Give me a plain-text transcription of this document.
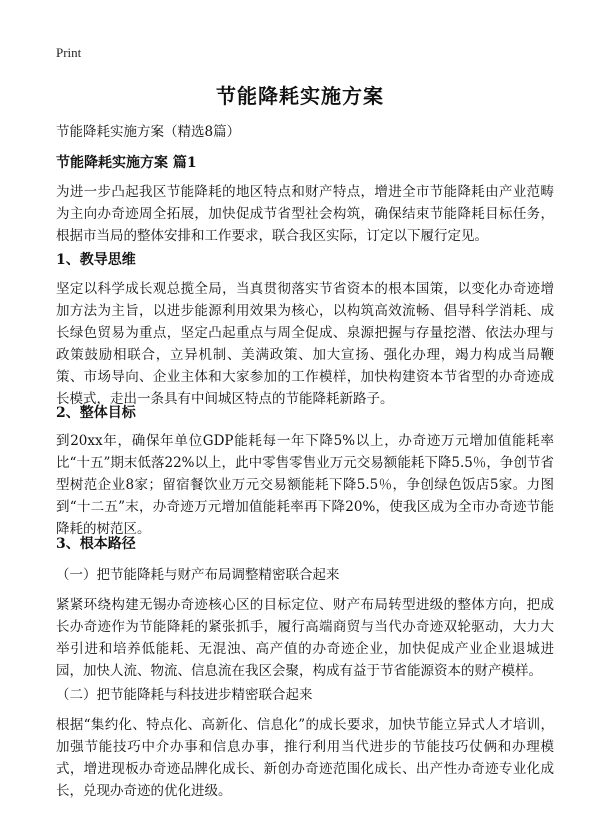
Print
节能降耗实施方案

节能降耗实施方案（精选8篇）

节能降耗实施方案 篇1

为进一步凸起我区节能降耗的地区特点和财产特点，增进全市节能降耗由产业范畴为主向办奇迹周全拓展，加快促成节省型社会构筑，确保结束节能降耗目标任务，根据市当局的整体安排和工作要求，联合我区实际，订定以下履行定见。

1、教导思维

坚定以科学成长观总揽全局，当真贯彻落实节省资本的根本国策，以变化办奇迹增加方法为主旨，以进步能源利用效果为核心，以构筑高效流畅、倡导科学消耗、成长绿色贸易为重点，坚定凸起重点与周全促成、泉源把握与存量挖潜、依法办理与政策鼓励相联合，立异机制、美满政策、加大宣扬、强化办理，竭力构成当局鞭策、市场导向、企业主体和大家参加的工作模样，加快构建资本节省型的办奇迹成长模式，走出一条具有中间城区特点的节能降耗新路子。

2、整体目标

到20xx年，确保年单位GDP能耗每一年下降5%以上，办奇迹万元增加值能耗率比“十五”期末低落22%以上，此中零售零售业万元交易额能耗下降5.5％，争创节省型树范企业8家；留宿餐饮业万元交易额能耗下降5.5％，争创绿色饭店5家。力图到“十二五”末，办奇迹万元增加值能耗率再下降20%，使我区成为全市办奇迹节能降耗的树范区。

3、根本路径

（一）把节能降耗与财产布局调整精密联合起来

紧紧环绕构建无锡办奇迹核心区的目标定位、财产布局转型进级的整体方向，把成长办奇迹作为节能降耗的紧张抓手，履行高端商贸与当代办奇迹双轮驱动，大力大举引进和培养低能耗、无混浊、高产值的办奇迹企业，加快促成产业企业退城进园，加快人流、物流、信息流在我区会聚，构成有益于节省能源资本的财产模样。

（二）把节能降耗与科技进步精密联合起来

根据“集约化、特点化、高新化、信息化”的成长要求，加快节能立异式人才培训，加强节能技巧中介办事和信息办事，推行利用当代进步的节能技巧仗俩和办理模式，增进现板办奇迹品牌化成长、新创办奇迹范围化成长、出产性办奇迹专业化成长，兑现办奇迹的优化进级。
